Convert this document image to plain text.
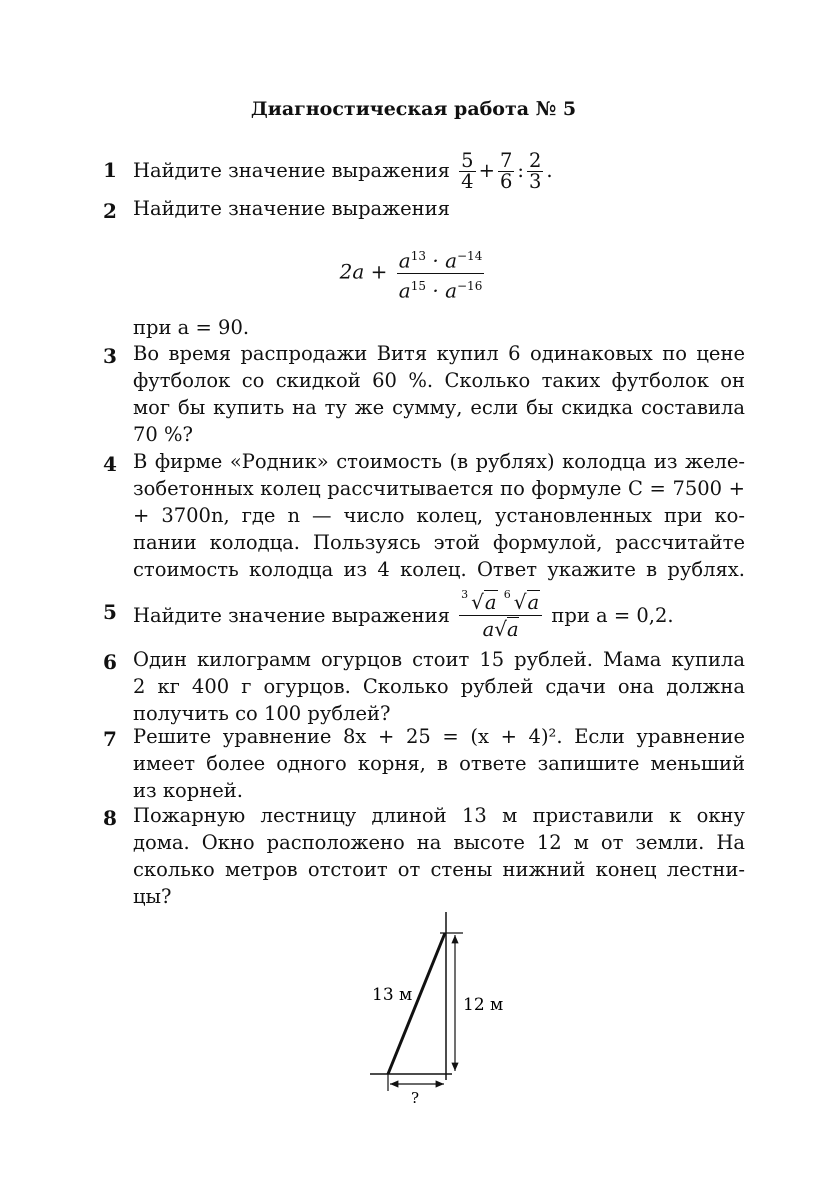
Диагностическая работа № 5
1 Найдите значение выражения $\frac{5}{4} + \frac{7}{6}$ : $\frac{2}{3}$ .
2 Найдите значение выражения
$2a + \frac{a^{13} \cdot a^{-14}}{a^{15} \cdot a^{-16}}$
при a = 90.
3 Во время распродажи Витя купил 6 одинаковых по цене
футболок со скидкой 60 %. Сколько таких футболок он
мог бы купить на ту же сумму, если бы скидка составила
70 %?
4 В фирме «Родник» стоимость (в рублях) колодца из желе-
зобетонных колец рассчитывается по формуле C = 7500 +
+ 3700n, где n — число колец, установленных при ко-
пании колодца. Пользуясь этой формулой, рассчитайте
стоимость колодца из 4 колец. Ответ укажите в рублях.
5 Найдите значение выражения $\frac{3 √a 6 √a}{a√a}$ при a = 0,2.
6 Один килограмм огурцов стоит 15 рублей. Мама купила
2 кг 400 г огурцов. Сколько рублей сдачи она должна
получить со 100 рублей?
7 Решите уравнение 8x + 25 = (x + 4)². Если уравнение
имеет более одного корня, в ответе запишите меньший
из корней.
8 Пожарную лестницу длиной 13 м приставили к окну
дома. Окно расположено на высоте 12 м от земли. На
сколько метров отстоит от стены нижний конец лестни-
цы?
13 м	12 м
?
